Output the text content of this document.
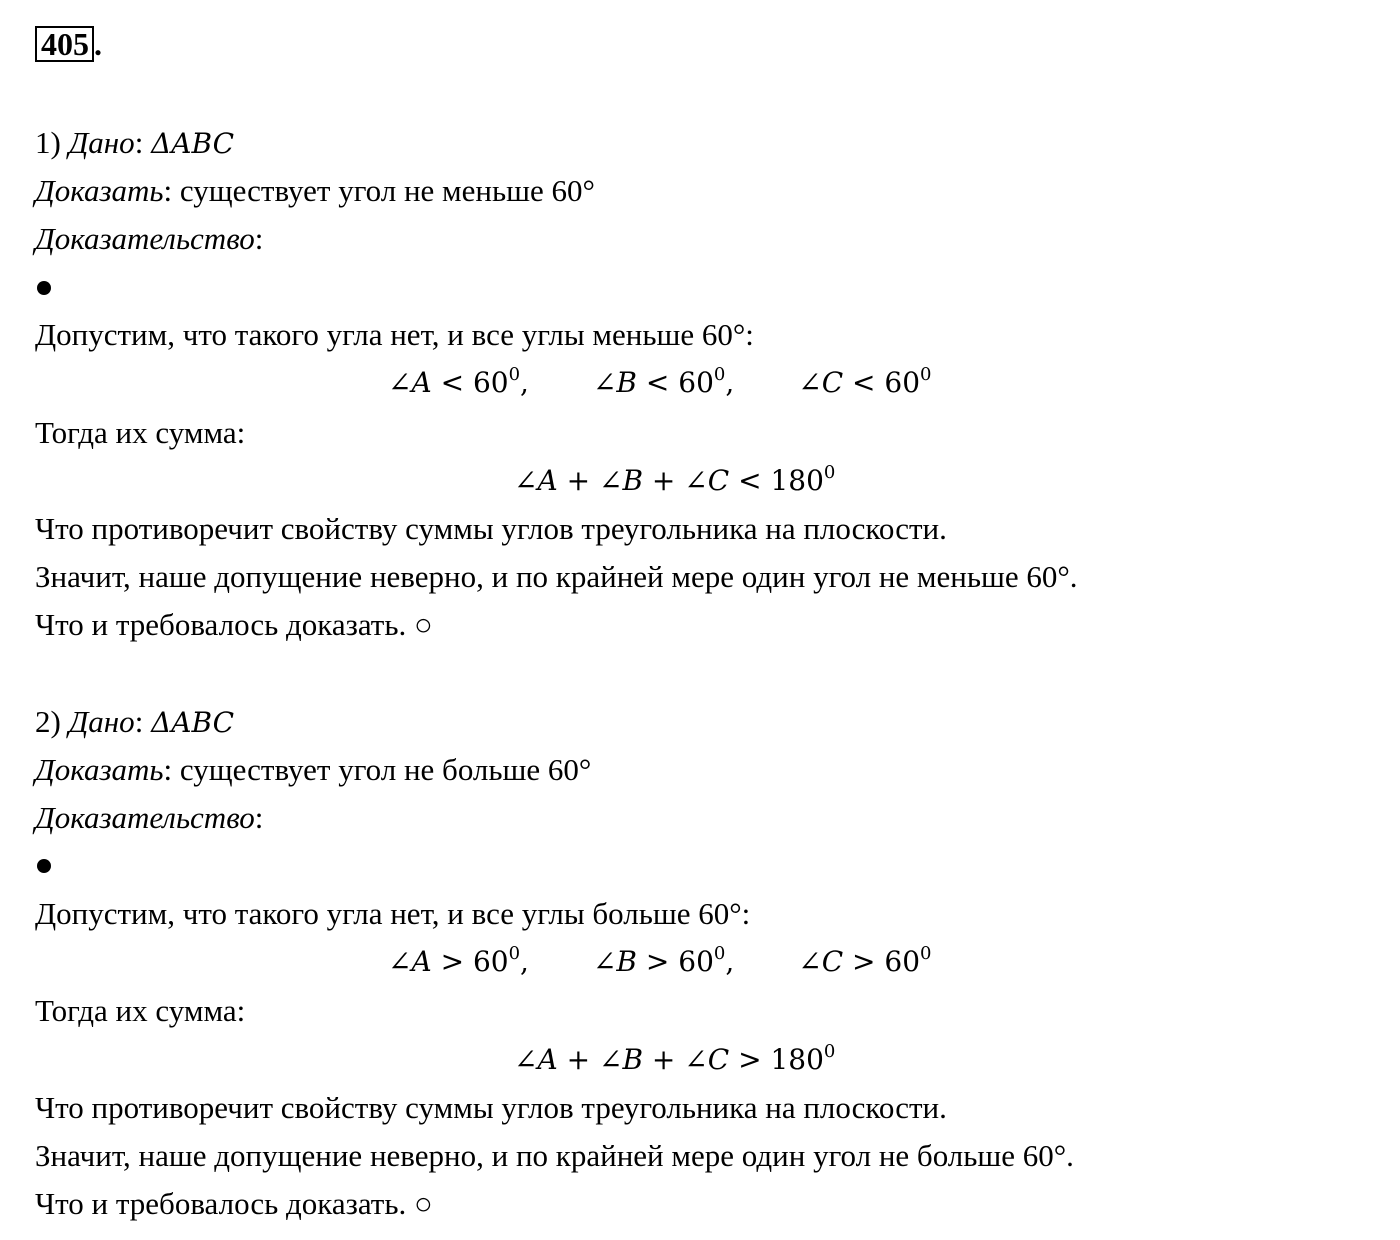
405 .
1) Дано: ΔABC
Доказать: существует угол не меньше 60°
Доказательство:
Допустим, что такого угла нет, и все углы меньше 60°:
∠A < $60^0$, ∠B < $60^0$, ∠C < $60^0$
Тогда их сумма:
∠A + ∠B + ∠C < $180^0$
Что противоречит свойству суммы углов треугольника на плоскости.
Значит, наше допущение неверно, и по крайней мере один угол не меньше 60°.
Что и требовалось доказать. ○
2) Дано: ΔABC
Доказать: существует угол не больше 60°
Доказательство:
Допустим, что такого угла нет, и все углы больше 60°:
∠A > $60^0$, ∠B > $60^0$, ∠C > $60^0$
Тогда их сумма:
∠A + ∠B + ∠C > $180^0$
Что противоречит свойству суммы углов треугольника на плоскости.
Значит, наше допущение неверно, и по крайней мере один угол не больше 60°.
Что и требовалось доказать. ○
